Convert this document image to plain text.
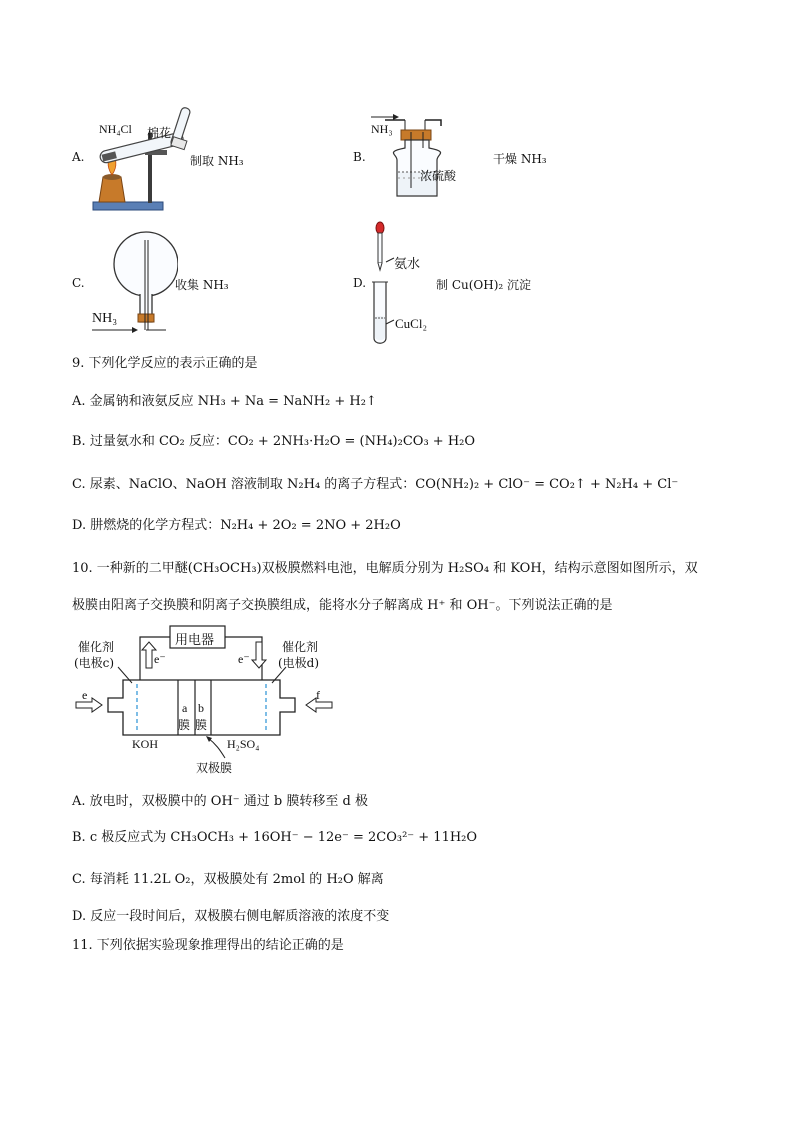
A.
NH₄Cl 棉花
制取 NH₃	B.
NH₃
浓硫酸
干燥 NH₃
C.
NH₃
收集 NH₃	D.
氨水
CuCl₂
制 Cu(OH)₂ 沉淀
9. 下列化学反应的表示正确的是
A. 金属钠和液氨反应 NH₃ + Na = NaNH₂ + H₂↑
B. 过量氨水和 CO₂ 反应：CO₂ + 2NH₃·H₂O = (NH₄)₂CO₃ + H₂O
C. 尿素、NaClO、NaOH 溶液制取 N₂H₄ 的离子方程式：CO(NH₂)₂ + ClO⁻ = CO₂↑ + N₂H₄ + Cl⁻
D. 肼燃烧的化学方程式：N₂H₄ + 2O₂ = 2NO + 2H₂O
10. 一种新的二甲醚(CH₃OCH₃)双极膜燃料电池，电解质分别为 H₂SO₄ 和 KOH，结构示意图如图所示，双
极膜由阳离子交换膜和阴离子交换膜组成，能将水分子解离成 H⁺ 和 OH⁻。下列说法正确的是
用电器
催化剂
(电极c)
催化剂
(电极d)
e⁻	e⁻
e	f
a b
膜 膜
KOH	H₂SO₄
双极膜
A. 放电时，双极膜中的 OH⁻ 通过 b 膜转移至 d 极
B. c 极反应式为 CH₃OCH₃ + 16OH⁻ − 12e⁻ = 2CO₃²⁻ + 11H₂O
C. 每消耗 11.2L O₂，双极膜处有 2mol 的 H₂O 解离
D. 反应一段时间后，双极膜右侧电解质溶液的浓度不变
11. 下列依据实验现象推理得出的结论正确的是
